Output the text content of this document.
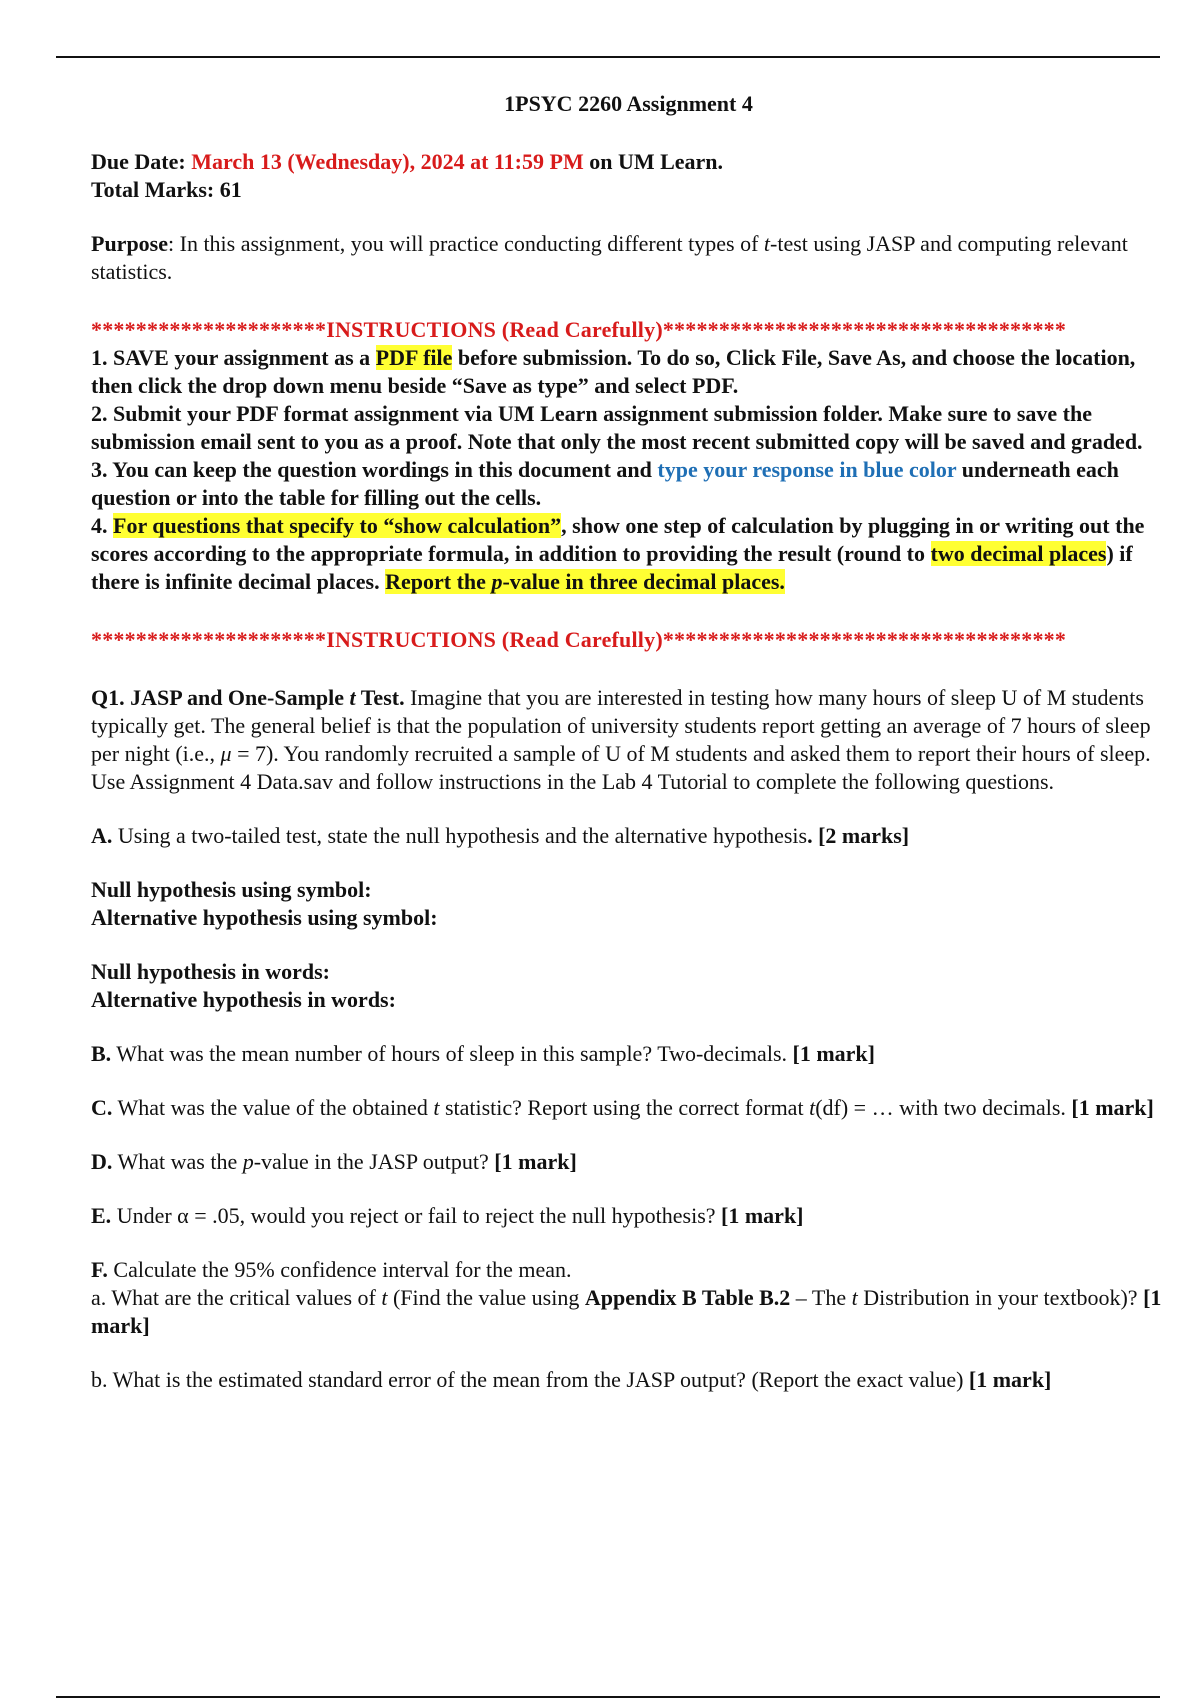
1PSYC 2260 Assignment 4

Due Date: March 13 (Wednesday), 2024 at 11:59 PM on UM Learn.

Total Marks: 61

Purpose: In this assignment, you will practice conducting different types of t-test using JASP and computing relevant statistics.

*********************INSTRUCTIONS (Read Carefully)************************************

1. SAVE your assignment as a PDF file before submission. To do so, Click File, Save As, and choose the location, then click the drop down menu beside “Save as type” and select PDF.

2. Submit your PDF format assignment via UM Learn assignment submission folder. Make sure to save the submission email sent to you as a proof. Note that only the most recent submitted copy will be saved and graded.

3. You can keep the question wordings in this document and type your response in blue color underneath each question or into the table for filling out the cells.

4. For questions that specify to “show calculation”, show one step of calculation by plugging in or writing out the scores according to the appropriate formula, in addition to providing the result (round to two decimal places) if there is infinite decimal places. Report the p-value in three decimal places.

*********************INSTRUCTIONS (Read Carefully)************************************

Q1. JASP and One-Sample t Test. Imagine that you are interested in testing how many hours of sleep U of M students typically get. The general belief is that the population of university students report getting an average of 7 hours of sleep per night (i.e., μ = 7). You randomly recruited a sample of U of M students and asked them to report their hours of sleep. Use Assignment 4 Data.sav and follow instructions in the Lab 4 Tutorial to complete the following questions.

A. Using a two-tailed test, state the null hypothesis and the alternative hypothesis. [2 marks]

Null hypothesis using symbol:

Alternative hypothesis using symbol:

Null hypothesis in words:

Alternative hypothesis in words:

B. What was the mean number of hours of sleep in this sample? Two-decimals. [1 mark]

C. What was the value of the obtained t statistic? Report using the correct format t(df) = … with two decimals. [1 mark]

D. What was the p-value in the JASP output? [1 mark]

E. Under α = .05, would you reject or fail to reject the null hypothesis? [1 mark]

F. Calculate the 95% confidence interval for the mean.

a. What are the critical values of t (Find the value using Appendix B Table B.2 – The t Distribution in your textbook)? [1 mark]

b. What is the estimated standard error of the mean from the JASP output? (Report the exact value) [1 mark]
